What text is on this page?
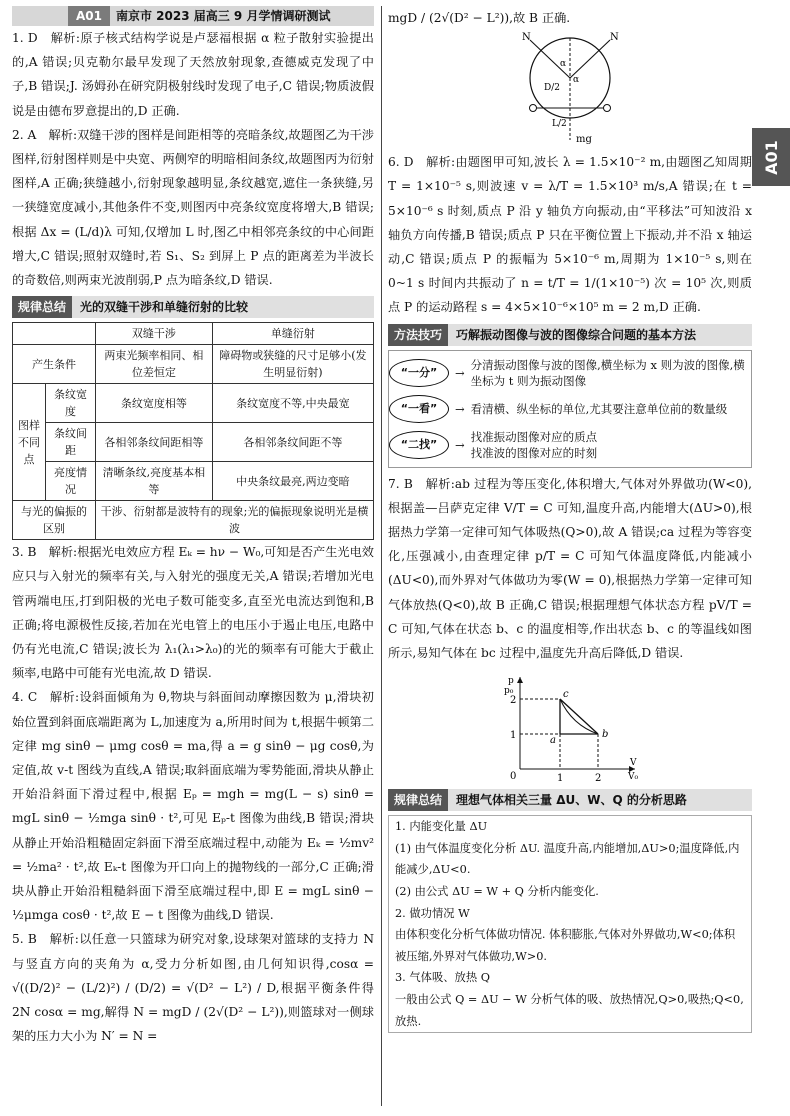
A01
A01	南京市 2023 届高三 9 月学情调研测试

1. D　解析:原子核式结构学说是卢瑟福根据 α 粒子散射实验提出的,A 错误;贝克勒尔最早发现了天然放射现象,查德威克发现了中子,B 错误;J. 汤姆孙在研究阴极射线时发现了电子,C 错误;物质波假说是由德布罗意提出的,D 正确.

2. A　解析:双缝干涉的图样是间距相等的亮暗条纹,故题图乙为干涉图样,衍射图样则是中央宽、两侧窄的明暗相间条纹,故题图丙为衍射图样,A 正确;狭缝越小,衍射现象越明显,条纹越宽,遮住一条狭缝,另一狭缝宽度减小,其他条件不变,则图丙中亮条纹宽度将增大,B 错误;根据 Δx = (L/d)λ 可知,仅增加 L 时,图乙中相邻亮条纹的中心间距增大,C 错误;照射双缝时,若 S₁、S₂ 到屏上 P 点的距离差为半波长的奇数倍,则两束光波削弱,P 点为暗条纹,D 错误.

规律总结	光的双缝干涉和单缝衍射的比较
		双缝干涉	单缝衍射
产生条件		两束光频率相同、相位差恒定	障碍物或狭缝的尺寸足够小(发生明显衍射)
图样不同点	条纹宽度	条纹宽度相等	条纹宽度不等,中央最宽
	条纹间距	各相邻条纹间距相等	各相邻条纹间距不等
	亮度情况	清晰条纹,亮度基本相等	中央条纹最亮,两边变暗
与光的偏振的区别		干涉、衍射都是波特有的现象;光的偏振现象说明光是横波	

3. B　解析:根据光电效应方程 Eₖ = hν − W₀,可知是否产生光电效应只与入射光的频率有关,与入射光的强度无关,A 错误;若增加光电管两端电压,打到阳极的光电子数可能变多,直至光电流达到饱和,B 正确;将电源极性反接,若加在光电管上的电压小于遏止电压,电路中仍有光电流,C 错误;波长为 λ₁(λ₁>λ₀)的光的频率有可能大于截止频率,电路中可能有光电流,故 D 错误.

4. C　解析:设斜面倾角为 θ,物块与斜面间动摩擦因数为 μ,滑块初始位置到斜面底端距离为 L,加速度为 a,所用时间为 t,根据牛顿第二定律 mg sinθ − μmg cosθ = ma,得 a = g sinθ − μg cosθ,为定值,故 v-t 图线为直线,A 错误;取斜面底端为零势能面,滑块从静止开始沿斜面下滑过程中,根据 Eₚ = mgh = mg(L − s) sinθ = mgL sinθ − ½mga sinθ · t²,可见 Eₚ-t 图像为曲线,B 错误;滑块从静止开始沿粗糙固定斜面下滑至底端过程中,动能为 Eₖ = ½mv² = ½ma² · t²,故 Eₖ-t 图像为开口向上的抛物线的一部分,C 正确;滑块从静止开始沿粗糙斜面下滑至底端过程中,即 E = mgL sinθ − ½μmga cosθ · t²,故 E − t 图像为曲线,D 错误.

5. B　解析:以任意一只篮球为研究对象,设球架对篮球的支持力 N 与竖直方向的夹角为 α,受力分析如图,由几何知识得,cosα = √((D/2)² − (L/2)²) / (D/2) = √(D² − L²) / D,根据平衡条件得 2N cosα = mg,解得 N = mgD / (2√(D² − L²)),则篮球对一侧球架的压力大小为 N′ = N =

mgD / (2√(D² − L²)),故 B 正确.

N	N
α
α
D/2
L/2
mg

6. D　解析:由题图甲可知,波长 λ = 1.5×10⁻² m,由题图乙知周期 T = 1×10⁻⁵ s,则波速 v = λ/T = 1.5×10³ m/s,A 错误;在 t = 5×10⁻⁶ s 时刻,质点 P 沿 y 轴负方向振动,由“平移法”可知波沿 x 轴负方向传播,B 错误;质点 P 只在平衡位置上下振动,并不沿 x 轴运动,C 错误;质点 P 的振幅为 5×10⁻⁶ m,周期为 1×10⁻⁵ s,则在 0~1 s 时间内共振动了 n = t/T = 1/(1×10⁻⁵) 次 = 10⁵ 次,则质点 P 的运动路程 s = 4×5×10⁻⁶×10⁵ m = 2 m,D 正确.

方法技巧	巧解振动图像与波的图像综合问题的基本方法
“一分”	→
分清振动图像与波的图像,横坐标为 x 则为波的图像,横坐标为 t 则为振动图像
“一看”	→ 看清横、纵坐标的单位,尤其要注意单位前的数量级
“二找”	→
找准振动图像对应的质点
找准波的图像对应的时刻

7. B　解析:ab 过程为等压变化,体积增大,气体对外界做功(W<0),根据盖—吕萨克定律 V/T = C 可知,温度升高,内能增大(ΔU>0),根据热力学第一定律可知气体吸热(Q>0),故 A 错误;ca 过程为等容变化,压强减小,由查理定律 p/T = C 可知气体温度降低,内能减小(ΔU<0),而外界对气体做功为零(W = 0),根据热力学第一定律可知气体放热(Q<0),故 B 正确,C 错误;根据理想气体状态方程 pV/T = C 可知,气体在状态 b、c 的温度相等,作出状态 b、c 的等温线如图所示,易知气体在 bc 过程中,温度先升高后降低,D 错误.

p
p₀
V
V₀
2
1
0	1	2
a
b
c
规律总结	理想气体相关三量 ΔU、W、Q 的分析思路
1. 内能变化量 ΔU
(1) 由气体温度变化分析 ΔU. 温度升高,内能增加,ΔU>0;温度降低,内能减少,ΔU<0.
(2) 由公式 ΔU = W + Q 分析内能变化.
2. 做功情况 W
由体积变化分析气体做功情况. 体积膨胀,气体对外界做功,W<0;体积被压缩,外界对气体做功,W>0.
3. 气体吸、放热 Q
一般由公式 Q = ΔU − W 分析气体的吸、放热情况,Q>0,吸热;Q<0,放热.
